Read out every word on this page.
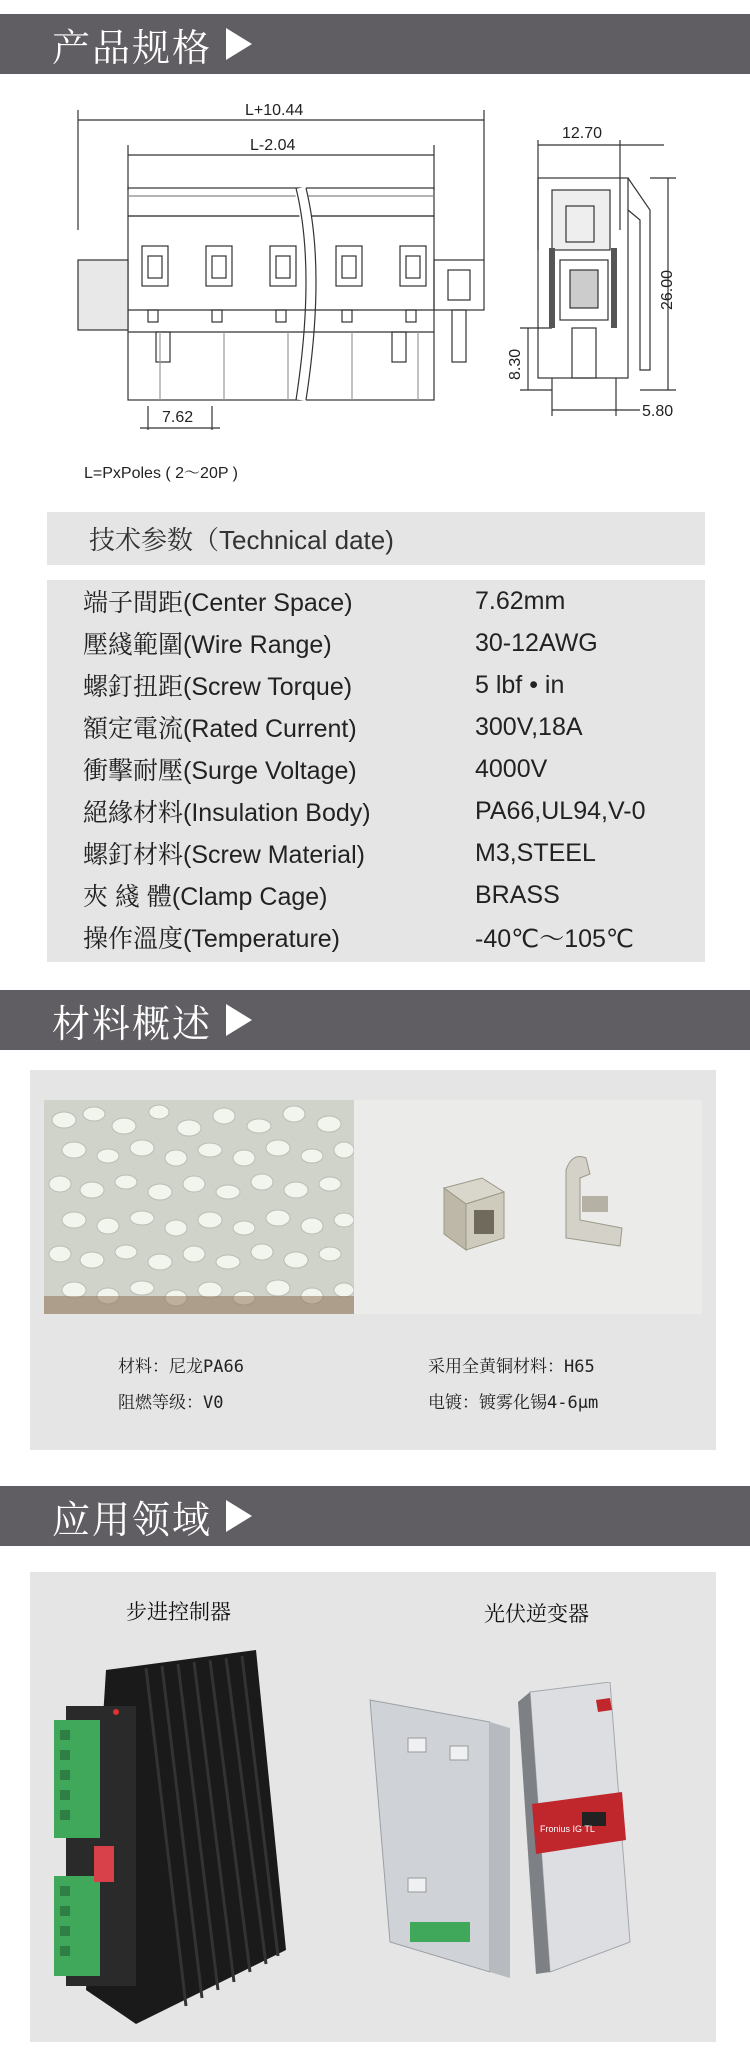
产品规格
L+10.44
L-2.04
7.62
12.70
26.00
8.30
5.80
L=PxPoles ( 2～20P )
技术参数（Technical date)
端子間距(Center Space)	7.62mm
壓綫範圍(Wire Range)	30-12AWG
螺釘扭距(Screw Torque)	5 lbf • in
額定電流(Rated Current)	300V,18A
衝擊耐壓(Surge Voltage)	4000V
絕緣材料(Insulation Body)	PA66,UL94,V-0
螺釘材料(Screw Material)	M3,STEEL
夾 綫 體(Clamp Cage)	BRASS
操作溫度(Temperature)	-40℃～105℃
材料概述
材料：尼龙PA66
阻燃等级：V0
采用全黄铜材料：H65
电镀：镀雾化锡4-6μm
应用领域
步进控制器	光伏逆变器
Fronius IG TL
